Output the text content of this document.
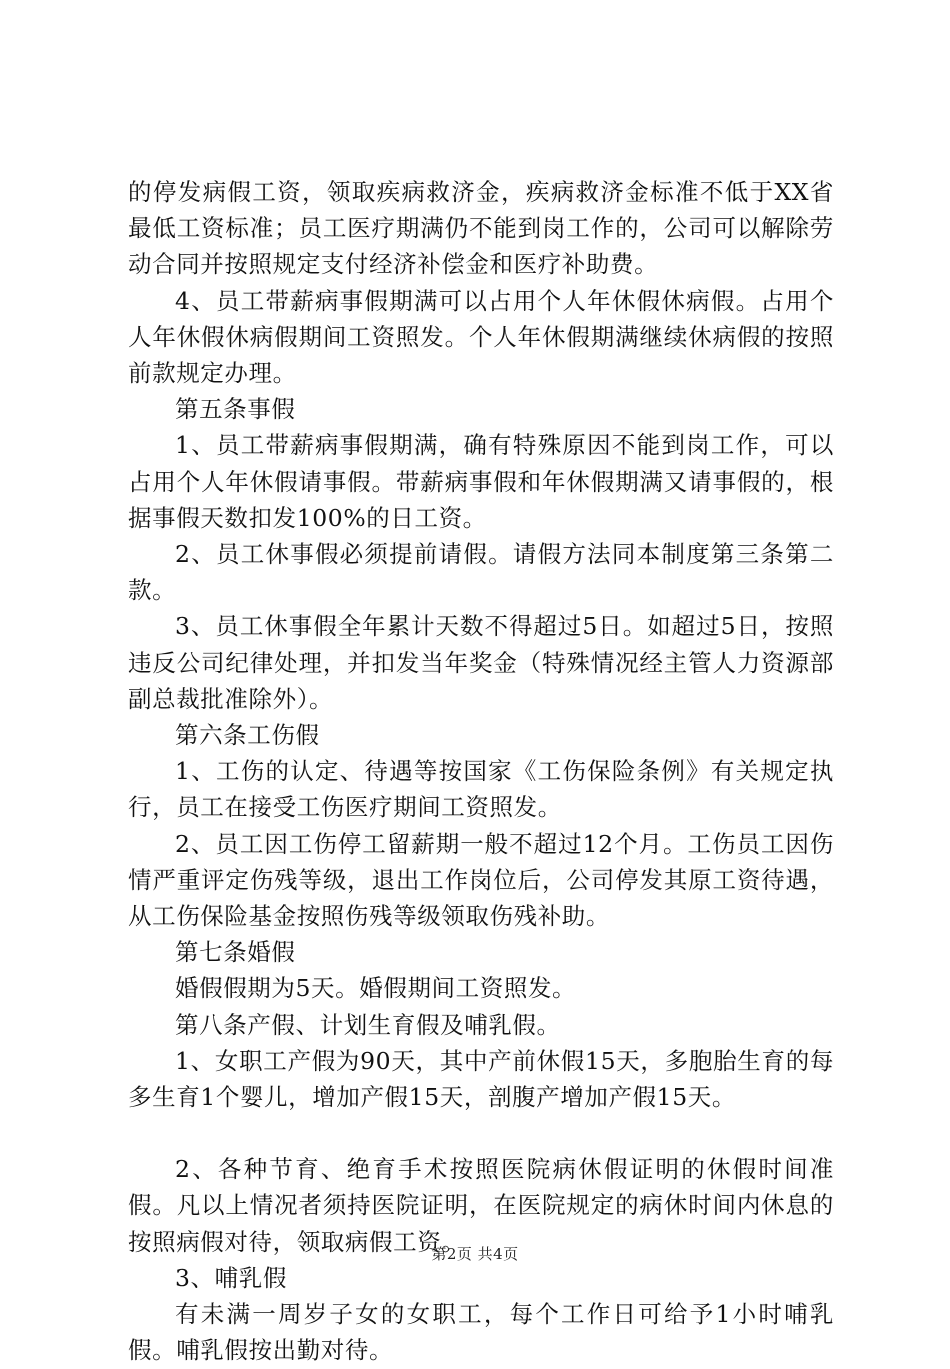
的停发病假工资，领取疾病救济金，疾病救济金标准不低于XX省最低工资标准；员工医疗期满仍不能到岗工作的，公司可以解除劳动合同并按照规定支付经济补偿金和医疗补助费。

4、员工带薪病事假期满可以占用个人年休假休病假。占用个人年休假休病假期间工资照发。个人年休假期满继续休病假的按照前款规定办理。

第五条事假

1、员工带薪病事假期满，确有特殊原因不能到岗工作，可以占用个人年休假请事假。带薪病事假和年休假期满又请事假的，根据事假天数扣发100%的日工资。

2、员工休事假必须提前请假。请假方法同本制度第三条第二款。

3、员工休事假全年累计天数不得超过5日。如超过5日，按照违反公司纪律处理，并扣发当年奖金（特殊情况经主管人力资源部副总裁批准除外）。

第六条工伤假

1、工伤的认定、待遇等按国家《工伤保险条例》有关规定执行，员工在接受工伤医疗期间工资照发。

2、员工因工伤停工留薪期一般不超过12个月。工伤员工因伤情严重评定伤残等级，退出工作岗位后，公司停发其原工资待遇，从工伤保险基金按照伤残等级领取伤残补助。

第七条婚假

婚假假期为5天。婚假期间工资照发。

第八条产假、计划生育假及哺乳假。

1、女职工产假为90天，其中产前休假15天，多胞胎生育的每多生育1个婴儿，增加产假15天，剖腹产增加产假15天。

2、各种节育、绝育手术按照医院病休假证明的休假时间准假。凡以上情况者须持医院证明，在医院规定的病休时间内休息的按照病假对待，领取病假工资。

3、哺乳假

有未满一周岁子女的女职工，每个工作日可给予1小时哺乳假。哺乳假按出勤对待。

第2页 共4页
